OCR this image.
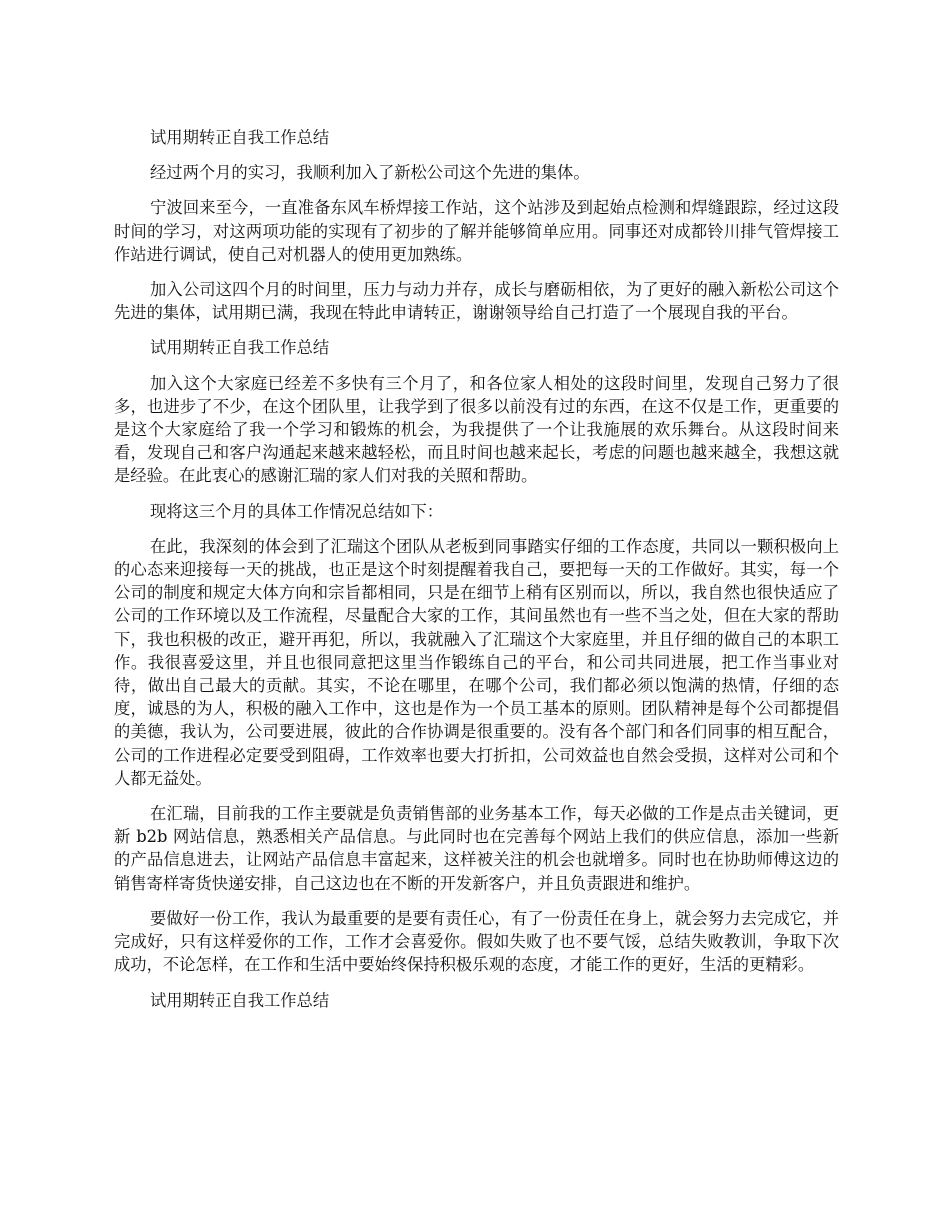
试用期转正自我工作总结

经过两个月的实习，我顺利加入了新松公司这个先进的集体。

宁波回来至今，一直准备东风车桥焊接工作站，这个站涉及到起始点检测和焊缝跟踪，经过这段时间的学习，对这两项功能的实现有了初步的了解并能够简单应用。同事还对成都铃川排气管焊接工作站进行调试，使自己对机器人的使用更加熟练。

加入公司这四个月的时间里，压力与动力并存，成长与磨砺相依，为了更好的融入新松公司这个先进的集体，试用期已满，我现在特此申请转正，谢谢领导给自己打造了一个展现自我的平台。

试用期转正自我工作总结

加入这个大家庭已经差不多快有三个月了，和各位家人相处的这段时间里，发现自己努力了很多，也进步了不少，在这个团队里，让我学到了很多以前没有过的东西，在这不仅是工作，更重要的是这个大家庭给了我一个学习和锻炼的机会，为我提供了一个让我施展的欢乐舞台。从这段时间来看，发现自己和客户沟通起来越来越轻松，而且时间也越来起长，考虑的问题也越来越全，我想这就是经验。在此衷心的感谢汇瑞的家人们对我的关照和帮助。

现将这三个月的具体工作情况总结如下：

在此，我深刻的体会到了汇瑞这个团队从老板到同事踏实仔细的工作态度，共同以一颗积极向上的心态来迎接每一天的挑战，也正是这个时刻提醒着我自己，要把每一天的工作做好。其实，每一个公司的制度和规定大体方向和宗旨都相同，只是在细节上稍有区别而以，所以，我自然也很快适应了公司的工作环境以及工作流程，尽量配合大家的工作，其间虽然也有一些不当之处，但在大家的帮助下，我也积极的改正，避开再犯，所以，我就融入了汇瑞这个大家庭里，并且仔细的做自己的本职工作。我很喜爱这里，并且也很同意把这里当作锻练自己的平台，和公司共同进展，把工作当事业对待，做出自己最大的贡献。其实，不论在哪里，在哪个公司，我们都必须以饱满的热情，仔细的态度，诚恳的为人，积极的融入工作中，这也是作为一个员工基本的原则。团队精神是每个公司都提倡的美德，我认为，公司要进展，彼此的合作协调是很重要的。没有各个部门和各们同事的相互配合，公司的工作进程必定要受到阻碍，工作效率也要大打折扣，公司效益也自然会受损，这样对公司和个人都无益处。

在汇瑞，目前我的工作主要就是负责销售部的业务基本工作，每天必做的工作是点击关键词，更新 b2b 网站信息，熟悉相关产品信息。与此同时也在完善每个网站上我们的供应信息，添加一些新的产品信息进去，让网站产品信息丰富起来，这样被关注的机会也就增多。同时也在协助师傅这边的销售寄样寄货快递安排，自己这边也在不断的开发新客户，并且负责跟进和维护。

要做好一份工作，我认为最重要的是要有责任心，有了一份责任在身上，就会努力去完成它，并完成好，只有这样爱你的工作，工作才会喜爱你。假如失败了也不要气馁，总结失败教训，争取下次成功，不论怎样，在工作和生活中要始终保持积极乐观的态度，才能工作的更好，生活的更精彩。

试用期转正自我工作总结
